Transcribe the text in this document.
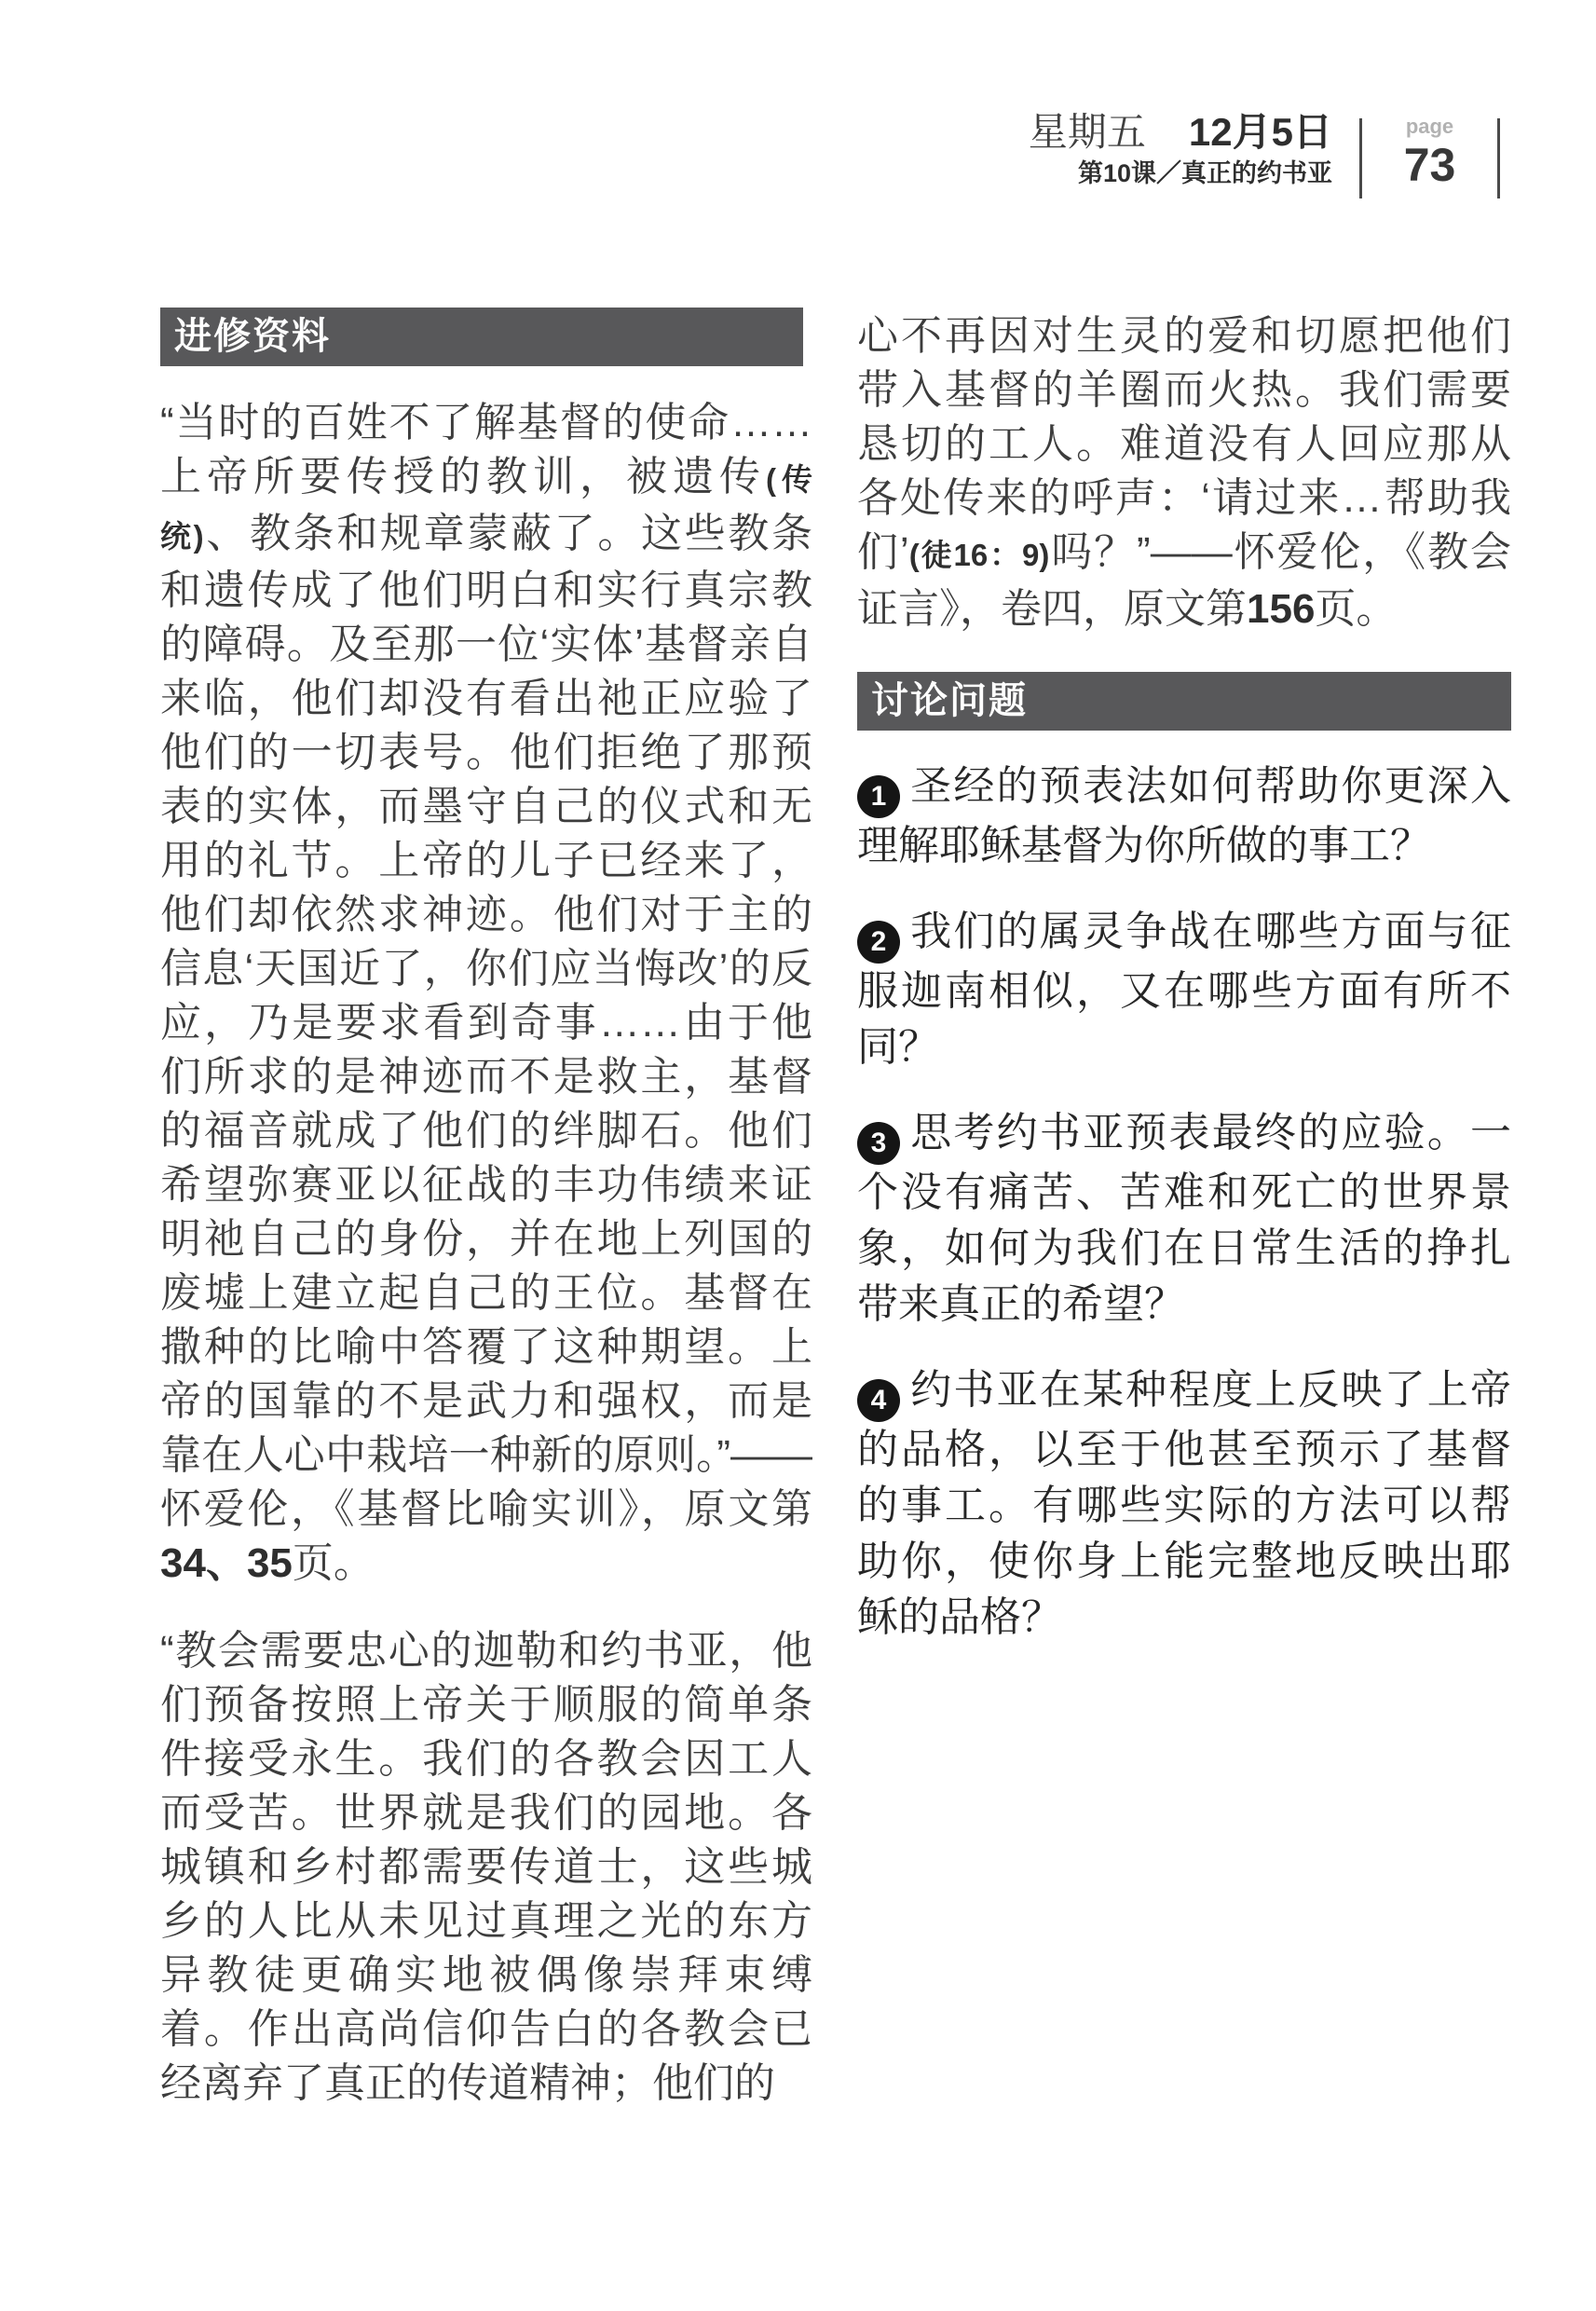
星期五 12月5日
第10课／真正的约书亚
page
73
进修资料

“当时的百姓不了解基督的使命……上帝所要传授的教训，被遗传(传统)、教条和规章蒙蔽了。这些教条和遗传成了他们明白和实行真宗教的障碍。及至那一位‘实体’基督亲自来临，他们却没有看出祂正应验了他们的一切表号。他们拒绝了那预表的实体，而墨守自己的仪式和无用的礼节。上帝的儿子已经来了，他们却依然求神迹。他们对于主的信息‘天国近了，你们应当悔改’的反应，乃是要求看到奇事……由于他们所求的是神迹而不是救主，基督的福音就成了他们的绊脚石。他们希望弥赛亚以征战的丰功伟绩来证明祂自己的身份，并在地上列国的废墟上建立起自己的王位。基督在撒种的比喻中答覆了这种期望。上帝的国靠的不是武力和强权，而是靠在人心中栽培一种新的原则。”——怀爱伦，《基督比喻实训》，原文第34、35页。

“教会需要忠心的迦勒和约书亚，他们预备按照上帝关于顺服的简单条件接受永生。我们的各教会因工人而受苦。世界就是我们的园地。各城镇和乡村都需要传道士，这些城乡的人比从未见过真理之光的东方异教徒更确实地被偶像崇拜束缚着。作出高尚信仰告白的各教会已经离弃了真正的传道精神；他们的

心不再因对生灵的爱和切愿把他们带入基督的羊圈而火热。我们需要恳切的工人。难道没有人回应那从各处传来的呼声：‘请过来…帮助我们’(徒16：9)吗？”——怀爱伦，《教会证言》，卷四，原文第156页。

讨论问题

1 圣经的预表法如何帮助你更深入理解耶稣基督为你所做的事工？

2 我们的属灵争战在哪些方面与征服迦南相似，又在哪些方面有所不同？

3 思考约书亚预表最终的应验。一个没有痛苦、苦难和死亡的世界景象，如何为我们在日常生活的挣扎带来真正的希望？

4 约书亚在某种程度上反映了上帝的品格，以至于他甚至预示了基督的事工。有哪些实际的方法可以帮助你，使你身上能完整地反映出耶稣的品格？
